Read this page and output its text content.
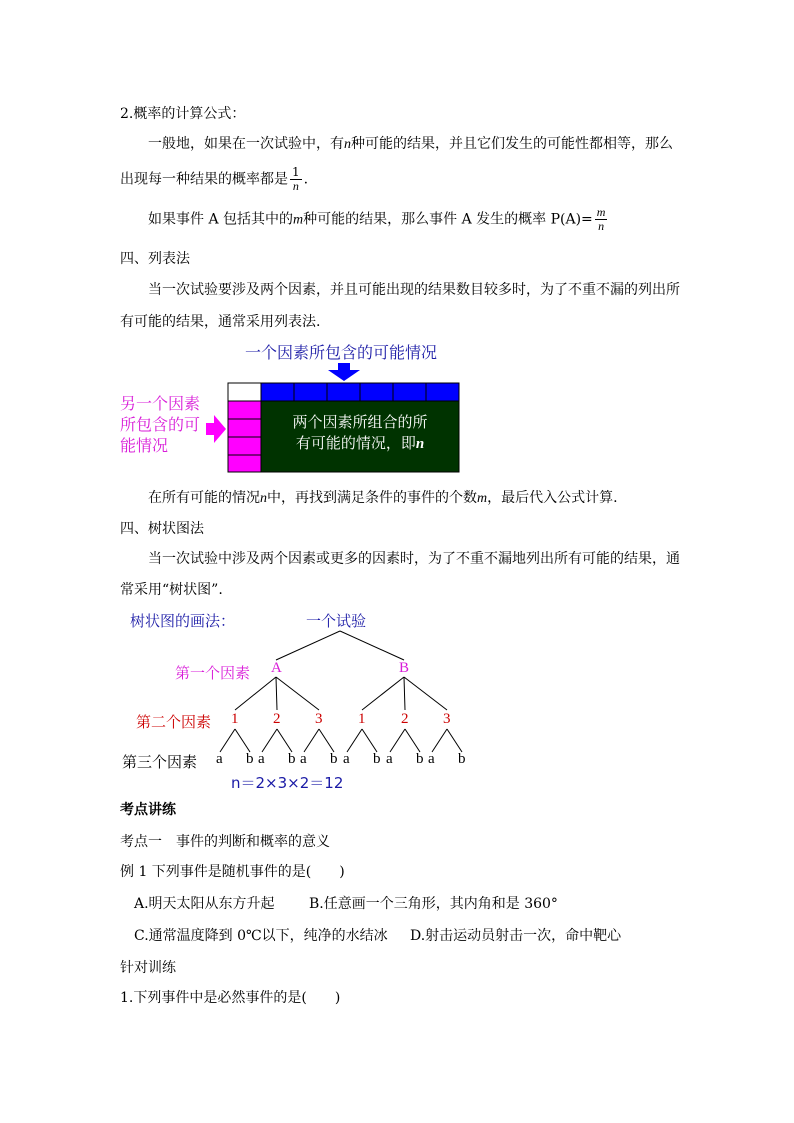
2.概率的计算公式：
一般地，如果在一次试验中，有n种可能的结果，并且它们发生的可能性都相等，那么
出现每一种结果的概率都是 $\frac{1}{n}$ .
如果事件 A 包括其中的m种可能的结果，那么事件 A 发生的概率 $P(A)= \frac{m}{n}$
四、列表法
当一次试验要涉及两个因素，并且可能出现的结果数目较多时，为了不重不漏的列出所
有可能的结果，通常采用列表法.
一个因素所包含的可能情况
另一个因素所包含的可能情况
两个因素所组合的所
有可能的情况，即n
在所有可能的情况n中，再找到满足条件的事件的个数m，最后代入公式计算.
四、树状图法
当一次试验中涉及两个因素或更多的因素时，为了不重不漏地列出所有可能的结果，通
常采用“树状图”.
树状图的画法：	一个试验
第一个因素 A	B
第二个因素 1 2 3 1 2 3
第三个因素 a b a b a b a b a b a b
n＝2×3×2＝12
考点讲练
考点一　事件的判断和概率的意义
例 1 下列事件是随机事件的是(　　)
A.明天太阳从东方升起 B.任意画一个三角形，其内角和是 360°
C.通常温度降到 0℃以下，纯净的水结冰 D.射击运动员射击一次，命中靶心
针对训练
1.下列事件中是必然事件的是(　　)
